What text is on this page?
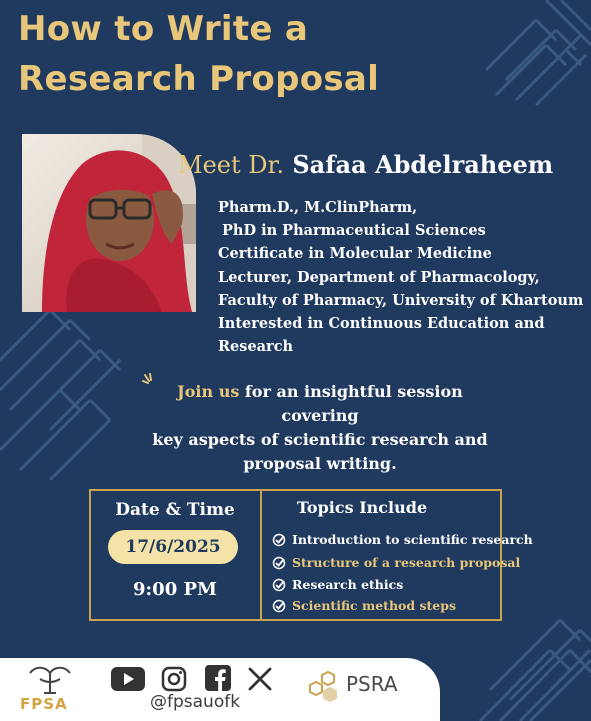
How to Write a
Research Proposal
Meet Dr. Safaa Abdelraheem
Pharm.D., M.ClinPharm,
PhD in Pharmaceutical Sciences
Certificate in Molecular Medicine
Lecturer, Department of Pharmacology,
Faculty of Pharmacy, University of Khartoum
Interested in Continuous Education and
Research
Join us for an insightful session covering
key aspects of scientific research and
proposal writing.
Date & Time
17/6/2025
9:00 PM
Topics Include
Introduction to scientific research
Structure of a research proposal
Research ethics
Scientific method steps
FPSA	@fpsauofk
PSRA
